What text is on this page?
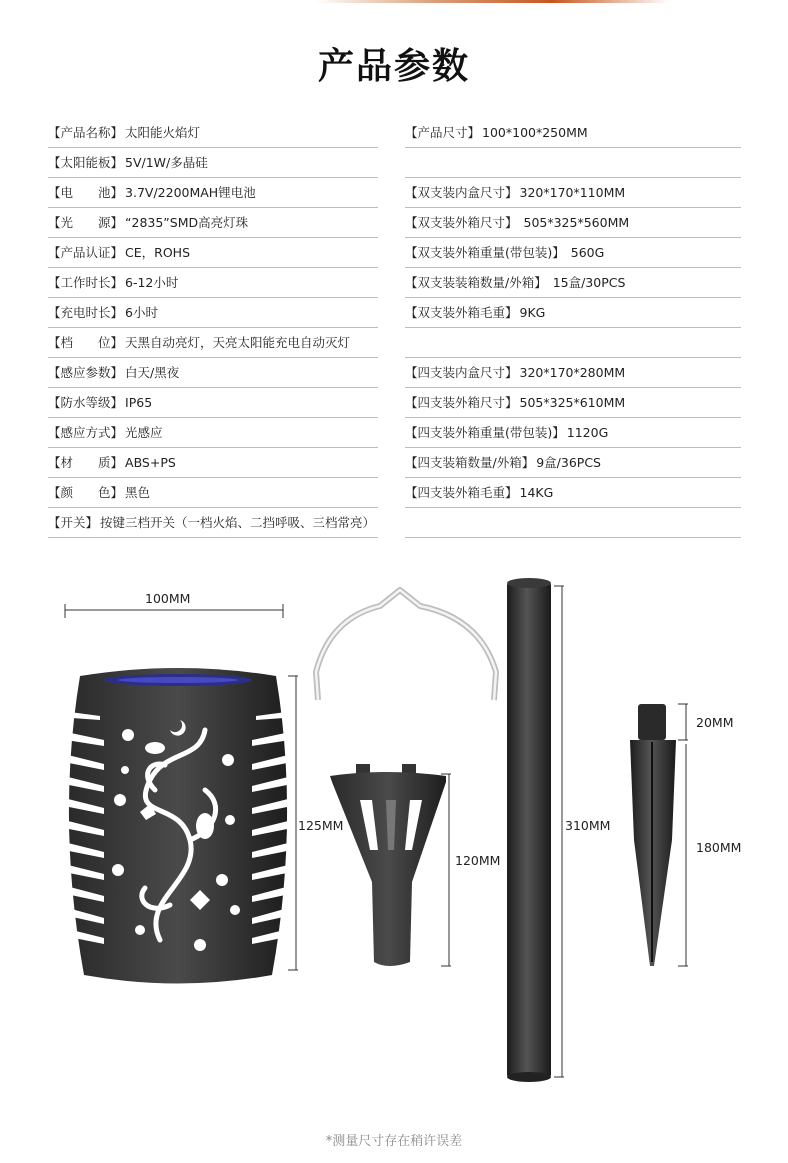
产品参数
【产品名称】 太阳能火焰灯
【太阳能板】 5V/1W/多晶硅
【电　　池】 3.7V/2200MAH锂电池
【光　　源】 “2835”SMD高亮灯珠
【产品认证】 CE，ROHS
【工作时长】 6-12小时
【充电时长】 6小时
【档　　位】 天黑自动亮灯，天亮太阳能充电自动灭灯
【感应参数】 白天/黑夜
【防水等级】 IP65
【感应方式】 光感应
【材　　质】 ABS+PS
【颜　　色】 黑色
【开关】 按键三档开关（一档火焰、二挡呼吸、三档常亮）
【产品尺寸】 100*100*250MM
【双支装内盒尺寸】 320*170*110MM
【双支装外箱尺寸】 505*325*560MM
【双支装外箱重量(带包装)】 560G
【双支装装箱数量/外箱】 15盒/30PCS
【双支装外箱毛重】 9KG
【四支装内盒尺寸】 320*170*280MM
【四支装外箱尺寸】 505*325*610MM
【四支装外箱重量(带包装)】 1120G
【四支装箱数量/外箱】 9盒/36PCS
【四支装外箱毛重】 14KG
100MM
125MM
120MM
310MM
20MM
180MM
*测量尺寸存在稍许误差
